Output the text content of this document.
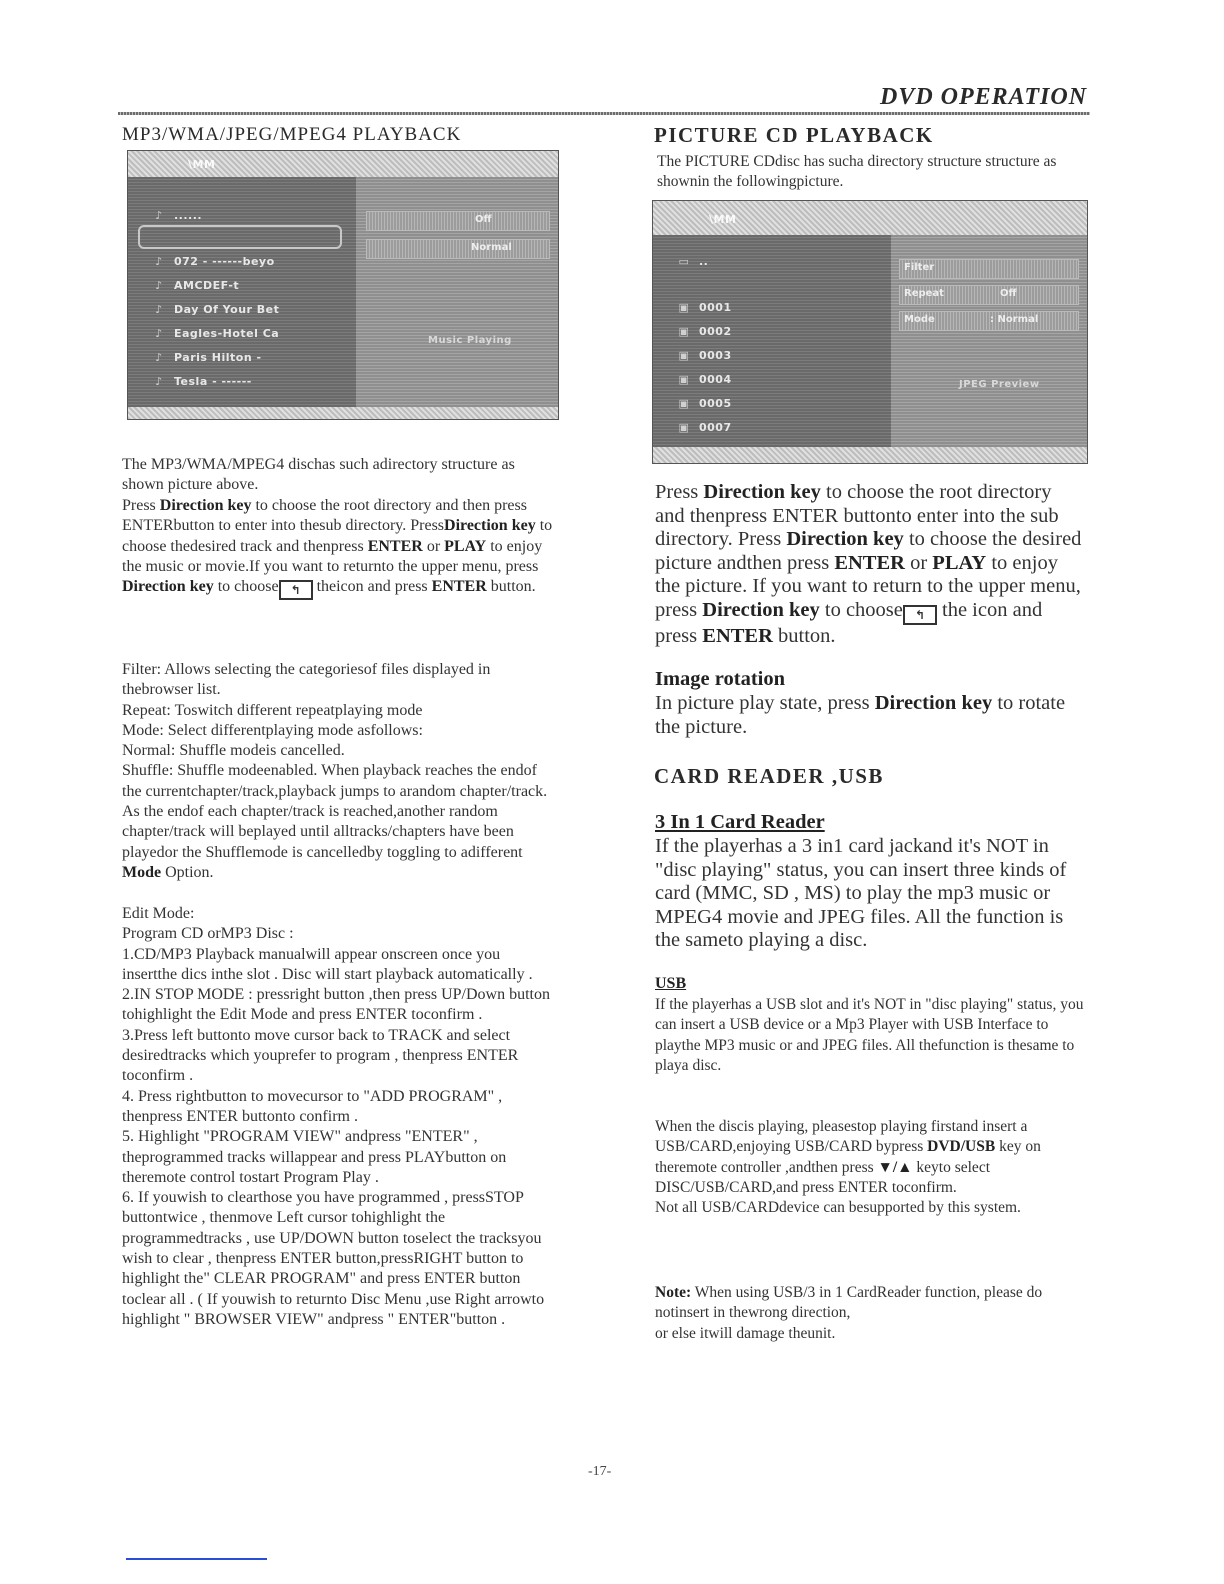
DVD OPERATION
MP3/WMA/JPEG/MPEG4 PLAYBACK
\MM
♪ ......
♪ 072 - ------beyo
♪ AMCDEF-t
♪ Day Of Your Bet
♪ Eagles-Hotel Ca
♪ Paris Hilton -
♪ Tesla - ------
Off
Normal
Music Playing
The MP3/WMA/MPEG4 dischas such adirectory structure as shown picture above.
Press Direction key to choose the root directory and then press ENTERbutton to enter into thesub directory. PressDirection key to choose thedesired track and thenpress ENTER or PLAY to enjoy the music or movie.If you want to returnto the upper menu, press Direction key to choose ↰ theicon and press ENTER button.
Filter: Allows selecting the categoriesof files displayed in thebrowser list.
Repeat: Toswitch different repeatplaying mode
Mode: Select differentplaying mode asfollows:
Normal: Shuffle modeis cancelled.
Shuffle: Shuffle modeenabled. When playback reaches the endof the currentchapter/track,playback jumps to arandom chapter/track. As the endof each chapter/track is reached,another random chapter/track will beplayed until alltracks/chapters have been playedor the Shufflemode is cancelledby toggling to adifferent Mode Option.
Edit Mode:
Program CD orMP3 Disc :
1.CD/MP3 Playback manualwill appear onscreen once you insertthe dics inthe slot . Disc will start playback automatically .
2.IN STOP MODE : pressright button ,then press UP/Down button tohighlight the Edit Mode and press ENTER toconfirm .
3.Press left buttonto move cursor back to TRACK and select desiredtracks which youprefer to program , thenpress ENTER toconfirm .
4. Press rightbutton to movecursor to "ADD PROGRAM" , thenpress ENTER buttonto confirm .
5. Highlight "PROGRAM VIEW" andpress "ENTER" , theprogrammed tracks willappear and press PLAYbutton on theremote control tostart Program Play .
6. If youwish to clearthose you have programmed , pressSTOP buttontwice , thenmove Left cursor tohighlight the programmedtracks , use UP/DOWN button toselect the tracksyou wish to clear , thenpress ENTER button,pressRIGHT button to highlight the" CLEAR PROGRAM" and press ENTER button toclear all . ( If youwish to returnto Disc Menu ,use Right arrowto highlight " BROWSER VIEW" andpress " ENTER"button .
PICTURE CD PLAYBACK
The PICTURE CDdisc has sucha directory structure structure as shownin the followingpicture.
\MM
▭ ..
▣ 0001
▣ 0002
▣ 0003
▣ 0004
▣ 0005
▣ 0007
Filter
Repeat	Off
Mode	: Normal
JPEG Preview
Press Direction key to choose the root directory and thenpress ENTER buttonto enter into the sub directory. Press Direction key to choose the desired picture andthen press ENTER or PLAY to enjoy the picture. If you want to return to the upper menu, press Direction key to choose ↰ the icon and press ENTER button.
Image rotation
In picture play state, press Direction key to rotate the picture.
CARD READER ,USB
3 In 1 Card Reader
If the playerhas a 3 in1 card jackand it's NOT in "disc playing" status, you can insert three kinds of card (MMC, SD , MS) to play the mp3 music or MPEG4 movie and JPEG files. All the function is the sameto playing a disc.
USB
If the playerhas a USB slot and it's NOT in "disc playing" status, you can insert a USB device or a Mp3 Player with USB Interface to playthe MP3 music or and JPEG files. All thefunction is thesame to playa disc.
When the discis playing, pleasestop playing firstand insert a USB/CARD,enjoying USB/CARD bypress DVD/USB key on theremote controller ,andthen press ▼/▲ keyto select DISC/USB/CARD,and press ENTER toconfirm.
Not all USB/CARDdevice can besupported by this system.
Note: When using USB/3 in 1 CardReader function, please do notinsert in thewrong direction,
or else itwill damage theunit.
-17-
